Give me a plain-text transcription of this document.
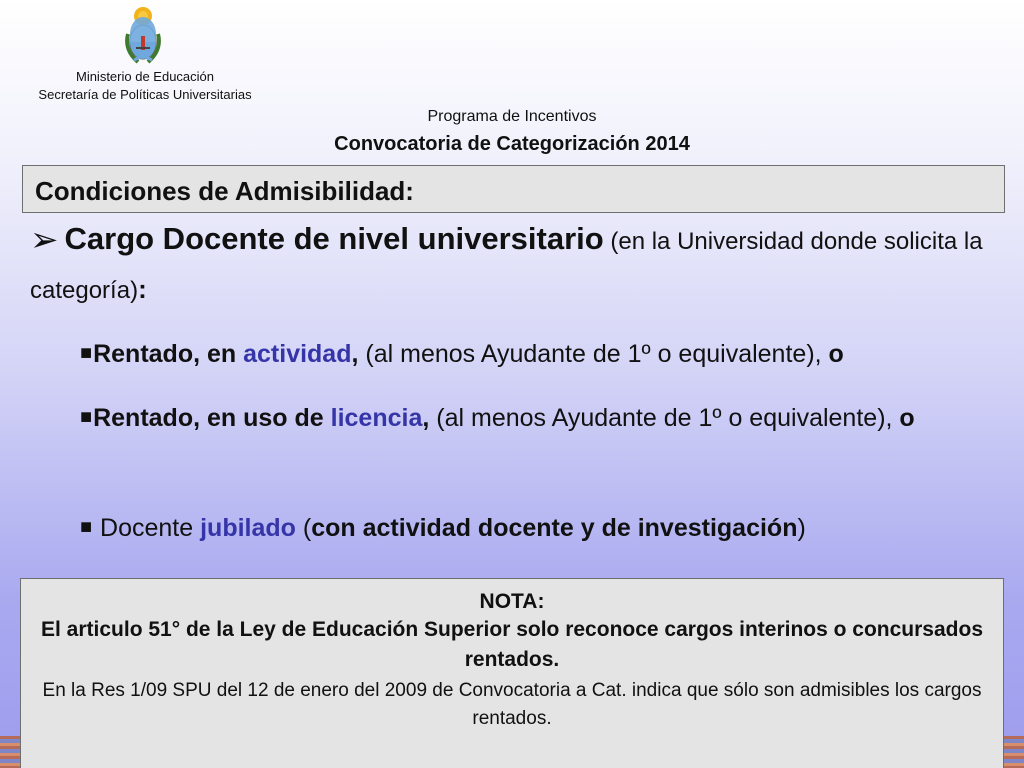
Ministerio de Educación
Secretaría de Políticas Universitarias
Programa de Incentivos
Convocatoria de Categorización 2014
Condiciones de Admisibilidad:
➢ Cargo Docente de nivel universitario (en la Universidad donde solicita la categoría):
■Rentado, en actividad, (al menos Ayudante de 1º o equivalente), o
■Rentado, en uso de licencia, (al menos Ayudante de 1º o equivalente), o
■ Docente jubilado (con actividad docente y de investigación)
NOTA:
El articulo 51° de la Ley de Educación Superior solo reconoce cargos interinos o concursados rentados.
En la Res 1/09 SPU del 12 de enero del 2009 de Convocatoria a Cat. indica que sólo son admisibles los cargos rentados.
